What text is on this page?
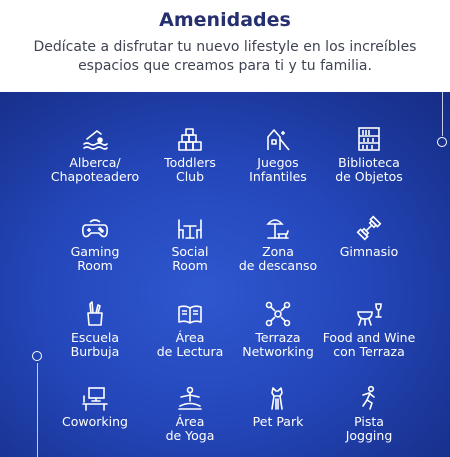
Amenidades

Dedícate a disfrutar tu nuevo lifestyle en los increíbles espacios que creamos para ti y tu familia.

Alberca/
Chapoteadero
Toddlers
Club
Juegos
Infantiles
Biblioteca
de Objetos
Gaming
Room
Social
Room
Zona
de descanso
Gimnasio
Escuela
Burbuja
Área
de Lectura
Terraza
Networking
Food and Wine
con Terraza
Coworking	Área
de Yoga
Pet Park	Pista
Jogging
